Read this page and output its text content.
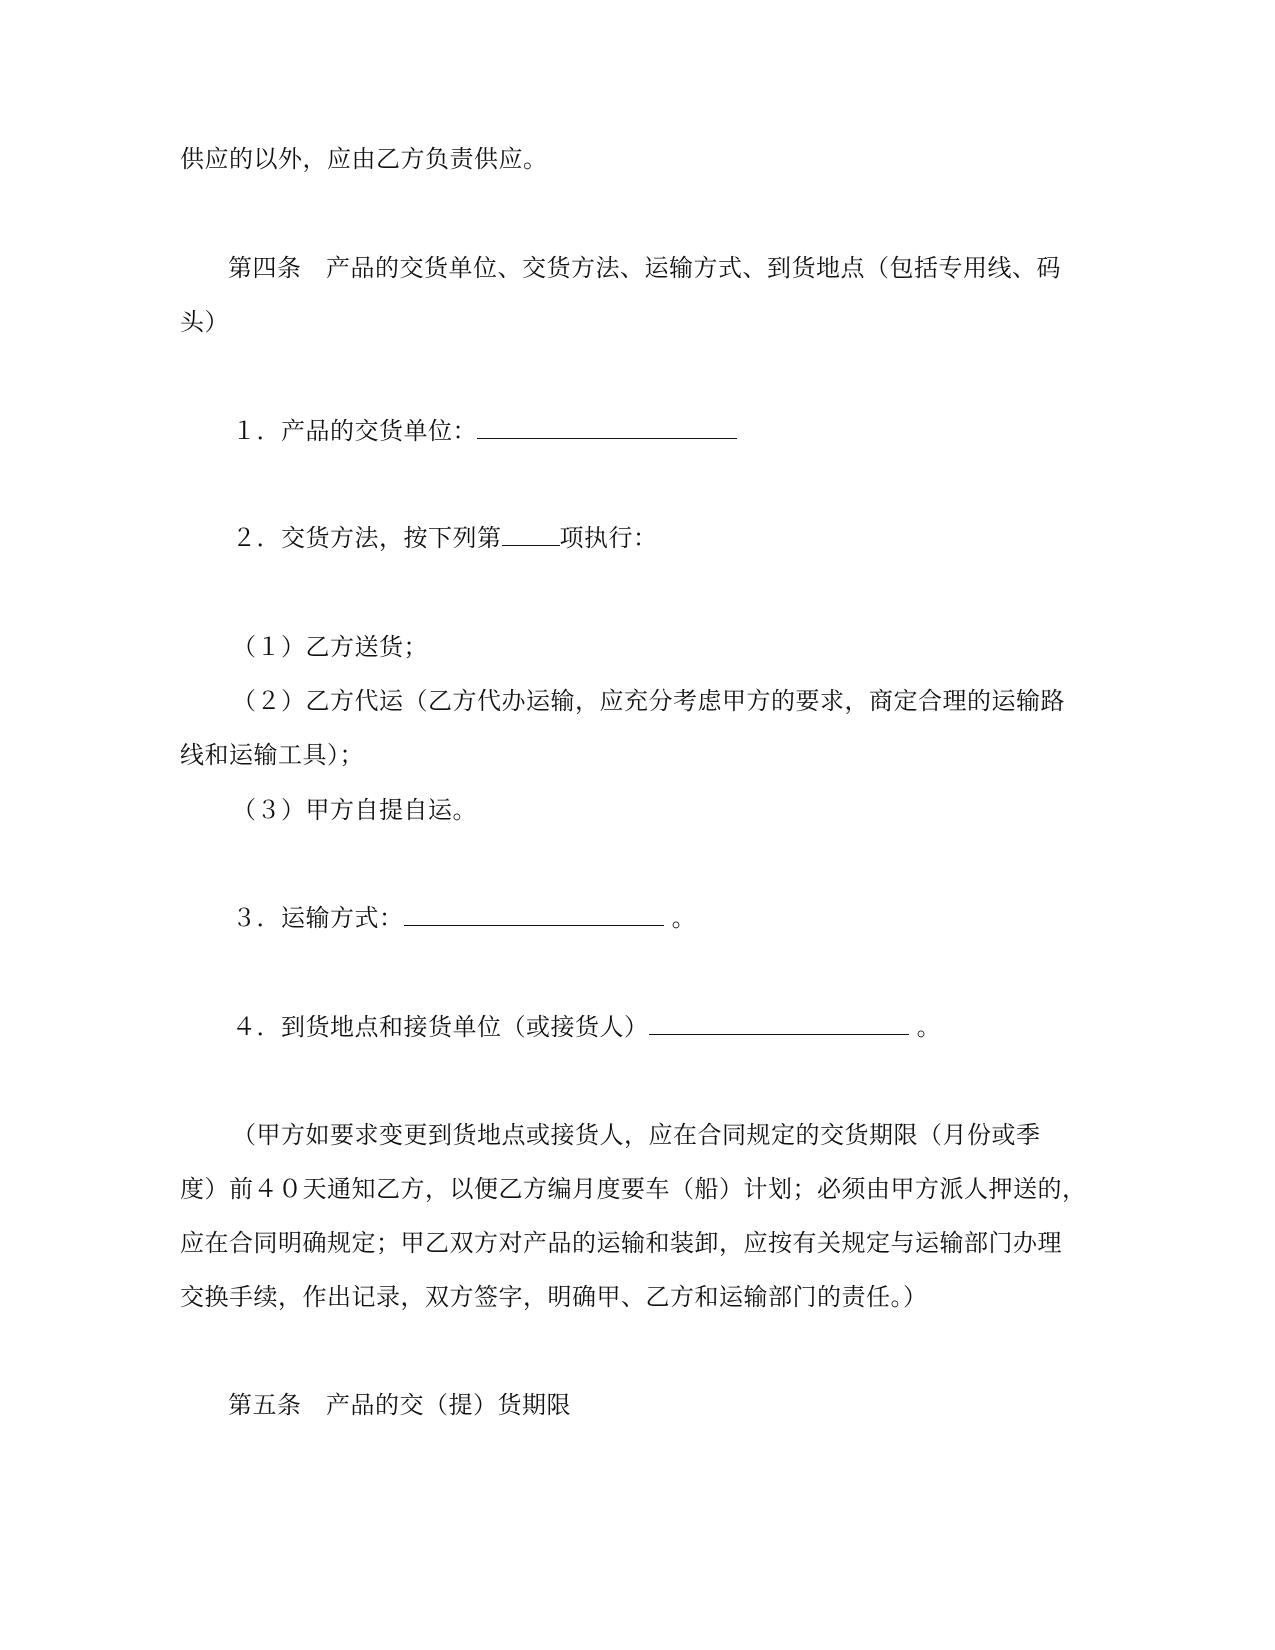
供应的以外，应由乙方负责供应。
第四条　产品的交货单位、交货方法、运输方式、到货地点（包括专用线、码
头）
１．产品的交货单位：
２．交货方法，按下列第 项执行：
（１）乙方送货；
（２）乙方代运（乙方代办运输，应充分考虑甲方的要求，商定合理的运输路
线和运输工具）；
（３）甲方自提自运。
３．运输方式：	。
４．到货地点和接货单位（或接货人）	。
（甲方如要求变更到货地点或接货人，应在合同规定的交货期限（月份或季
度）前４０天通知乙方，以便乙方编月度要车（船）计划；必须由甲方派人押送的，
应在合同明确规定；甲乙双方对产品的运输和装卸，应按有关规定与运输部门办理
交换手续，作出记录，双方签字，明确甲、乙方和运输部门的责任。）
第五条　产品的交（提）货期限
